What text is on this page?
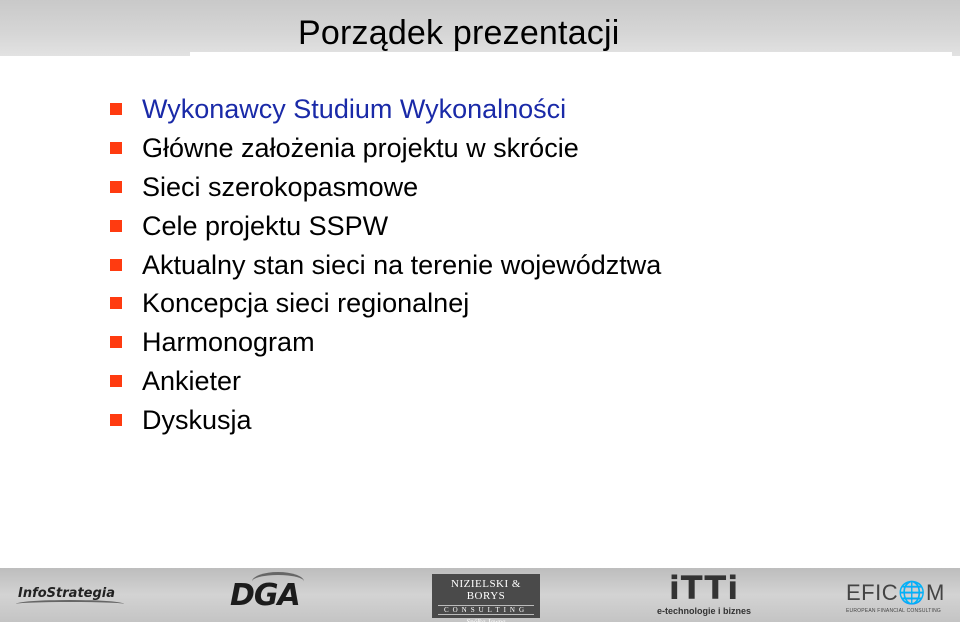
Porządek prezentacji
Wykonawcy Studium Wykonalności
Główne założenia projektu w skrócie
Sieci szerokopasmowe
Cele projektu SSPW
Aktualny stan sieci na terenie województwa
Koncepcja sieci regionalnej
Harmonogram
Ankieter
Dyskusja
InfoStrategia	DGA	NIZIELSKI & BORYS
CONSULTING
Spółka Jawna
iTTi
e-technologie i biznes
EFIC🌐M
EUROPEAN FINANCIAL CONSULTING
